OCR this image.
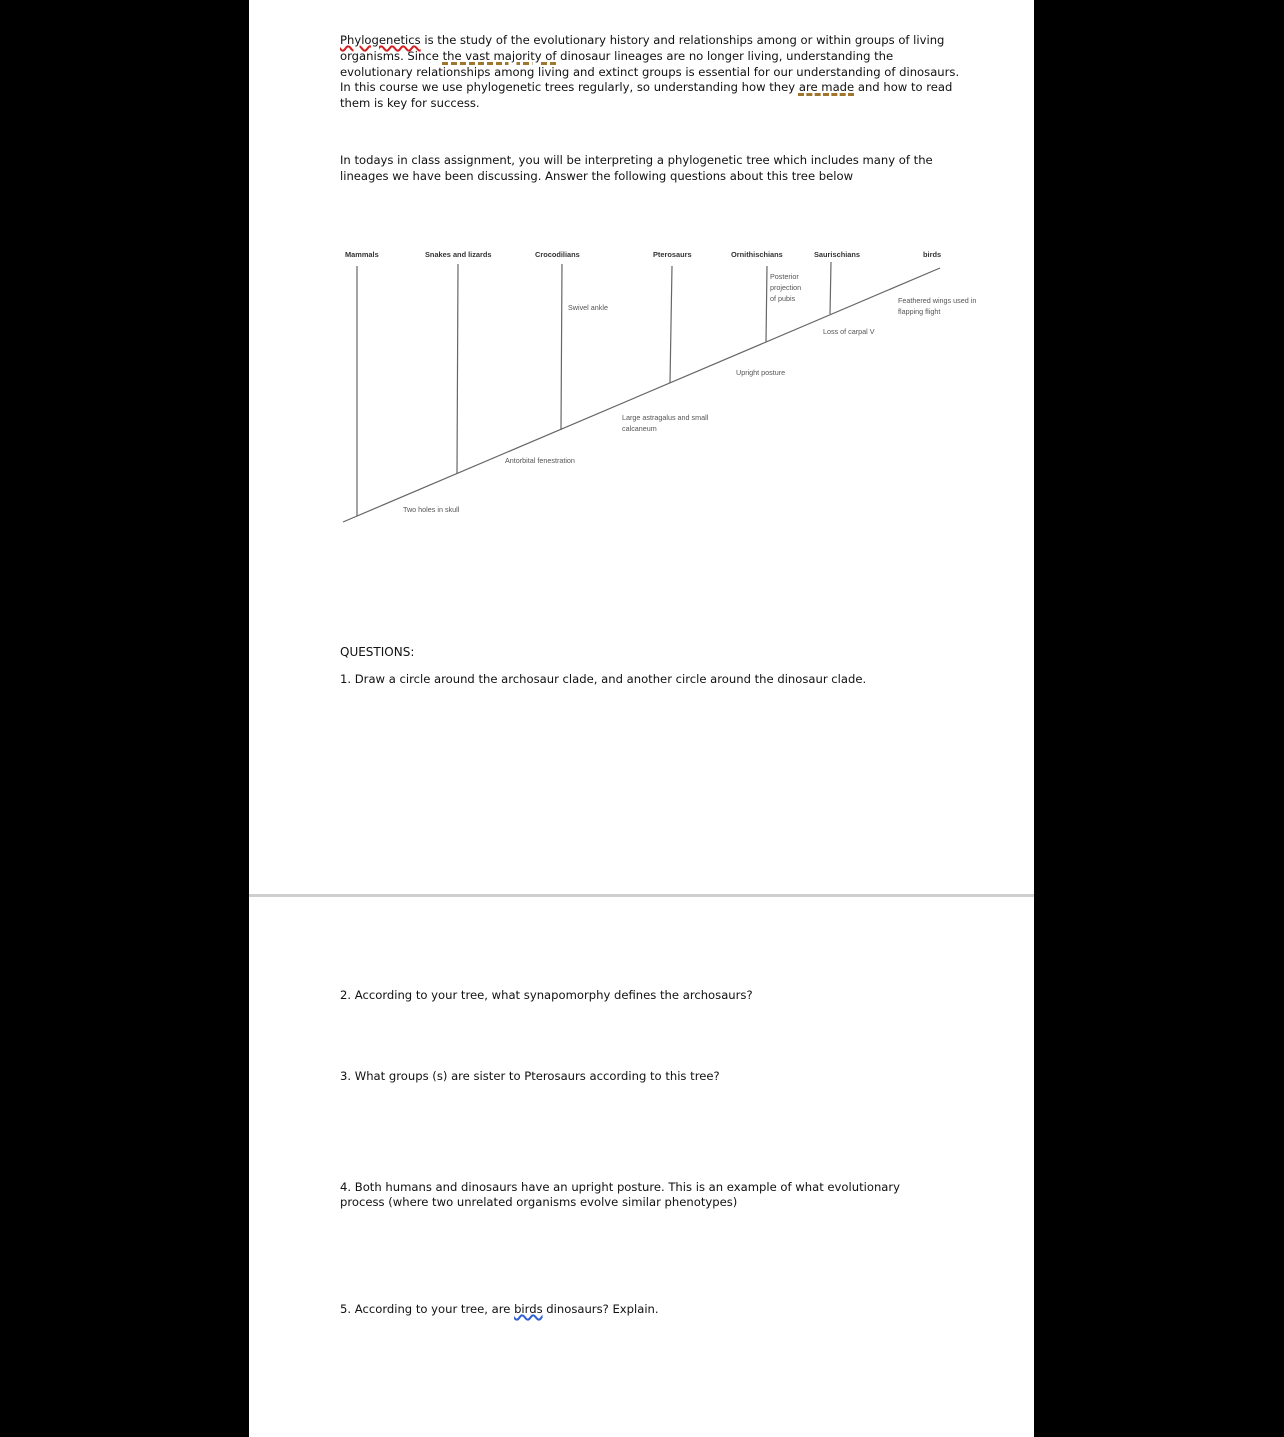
Phylogenetics is the study of the evolutionary history and relationships among or within groups of living organisms. Since the vast majority of dinosaur lineages are no longer living, understanding the evolutionary relationships among living and extinct groups is essential for our understanding of dinosaurs. In this course we use phylogenetic trees regularly, so understanding how they are made and how to read them is key for success.
In todays in class assignment, you will be interpreting a phylogenetic tree which includes many of the lineages we have been discussing. Answer the following questions about this tree below
Mammals	Snakes and lizards	Crocodilians	Pterosaurs	Ornithischians	Saurischians	birds
Two holes in skull
Antorbital fenestration
Swivel ankle
Large astragalus and small
calcaneum
Upright posture
Posterior
projection
of pubis
Loss of carpal V
Feathered wings used in
flapping flight
QUESTIONS:
1. Draw a circle around the archosaur clade, and another circle around the dinosaur clade.
2. According to your tree, what synapomorphy defines the archosaurs?
3. What groups (s) are sister to Pterosaurs according to this tree?
4. Both humans and dinosaurs have an upright posture. This is an example of what evolutionary process (where two unrelated organisms evolve similar phenotypes)
5. According to your tree, are birds dinosaurs? Explain.
